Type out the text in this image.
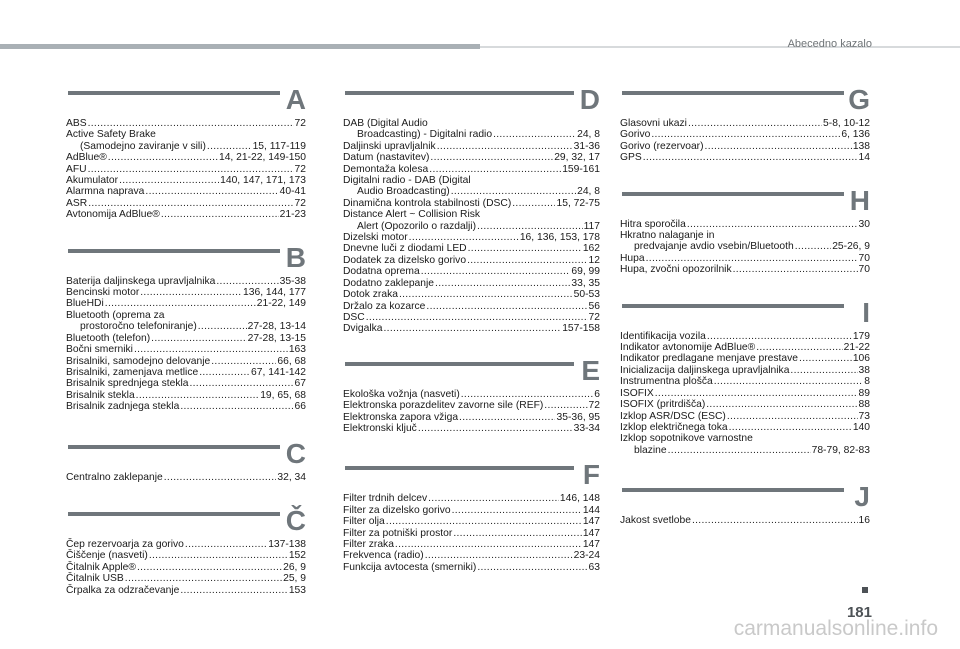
Abecedno kazalo
A
ABS .....	72
Active Safety Brake
(Samodejno zaviranje v sili) .....	15, 117-119
AdBlue® .....	14, 21-22, 149-150
AFU .....	72
Akumulator .....	140, 147, 171, 173
Alarmna naprava .....	40-41
ASR .....	72
Avtonomija AdBlue® .....	21-23
B
Baterija daljinskega upravljalnika .....	35-38
Bencinski motor .....	136, 144, 177
BlueHDi .....	21-22, 149
Bluetooth (oprema za
prostoročno telefoniranje) .....	27-28, 13-14
Bluetooth (telefon) .....	27-28, 13-15
Bočni smerniki .....	163
Brisalniki, samodejno delovanje .....	66, 68
Brisalniki, zamenjava metlice .....	67, 141-142
Brisalnik sprednjega stekla .....	67
Brisalnik stekla .....	19, 65, 68
Brisalnik zadnjega stekla .....	66
C
Centralno zaklepanje .....	32, 34
Č
Čep rezervoarja za gorivo .....	137-138
Čiščenje (nasveti) .....	152
Čitalnik Apple® .....	26, 9
Čitalnik USB .....	25, 9
Črpalka za odzračevanje .....	153
D
DAB (Digital Audio
Broadcasting) - Digitalni radio .....	24, 8
Daljinski upravljalnik .....	31-36
Datum (nastavitev) .....	29, 32, 17
Demontaža kolesa .....	159-161
Digitalni radio - DAB (Digital
Audio Broadcasting) .....	24, 8
Dinamična kontrola stabilnosti (DSC) .....	15, 72-75
Distance Alert ~ Collision Risk
Alert (Opozorilo o razdalji) .....	117
Dizelski motor .....	16, 136, 153, 178
Dnevne luči z diodami LED .....	162
Dodatek za dizelsko gorivo .....	12
Dodatna oprema .....	69, 99
Dodatno zaklepanje .....	33, 35
Dotok zraka .....	50-53
Držalo za kozarce .....	56
DSC .....	72
Dvigalka .....	157-158
E
Ekološka vožnja (nasveti) .....	6
Elektronska porazdelitev zavorne sile (REF) .....	72
Elektronska zapora vžiga .....	35-36, 95
Elektronski ključ .....	33-34
F
Filter trdnih delcev .....	146, 148
Filter za dizelsko gorivo .....	144
Filter olja .....	147
Filter za potniški prostor .....	147
Filter zraka .....	147
Frekvenca (radio) .....	23-24
Funkcija avtocesta (smerniki) .....	63
G
Glasovni ukazi .....	5-8, 10-12
Gorivo .....	6, 136
Gorivo (rezervoar) .....	138
GPS .....	14
H
Hitra sporočila .....	30
Hkratno nalaganje in
predvajanje avdio vsebin/Bluetooth .....	25-26, 9
Hupa .....	70
Hupa, zvočni opozorilnik .....	70
I
Identifikacija vozila .....	179
Indikator avtonomije AdBlue® .....	21-22
Indikator predlagane menjave prestave .....	106
Inicializacija daljinskega upravljalnika .....	38
Instrumentna plošča .....	8
ISOFIX .....	89
ISOFIX (pritrdišča) .....	88
Izklop ASR/DSC (ESC) .....	73
Izklop električnega toka .....	140
Izklop sopotnikove varnostne
blazine .....	78-79, 82-83
J
Jakost svetlobe .....	16
181
carmanualsonline.info
